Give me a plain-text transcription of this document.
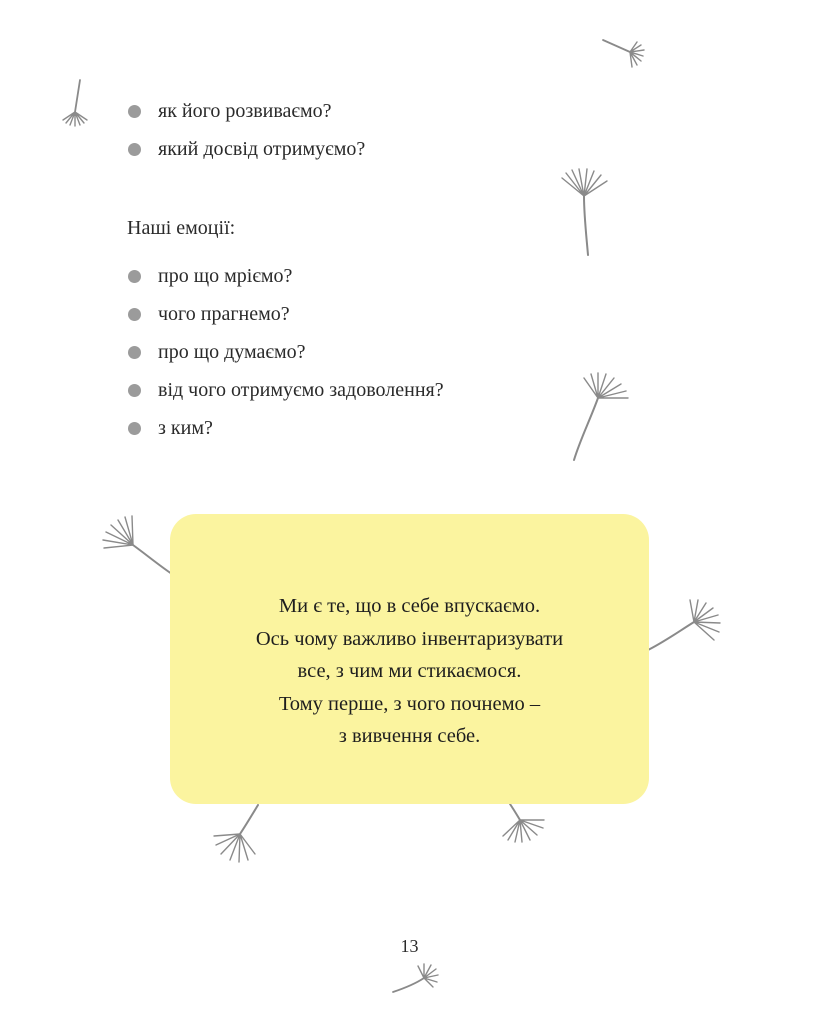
як його розвиваємо?
який досвід отримуємо?
Наші емоції:
про що мріємо?
чого прагнемо?
про що думаємо?
від чого отримуємо задоволення?
з ким?
Ми є те, що в себе впускаємо.
Ось чому важливо інвентаризувати
все, з чим ми стикаємося.
Тому перше, з чого почнемо –
з вивчення себе.
13
